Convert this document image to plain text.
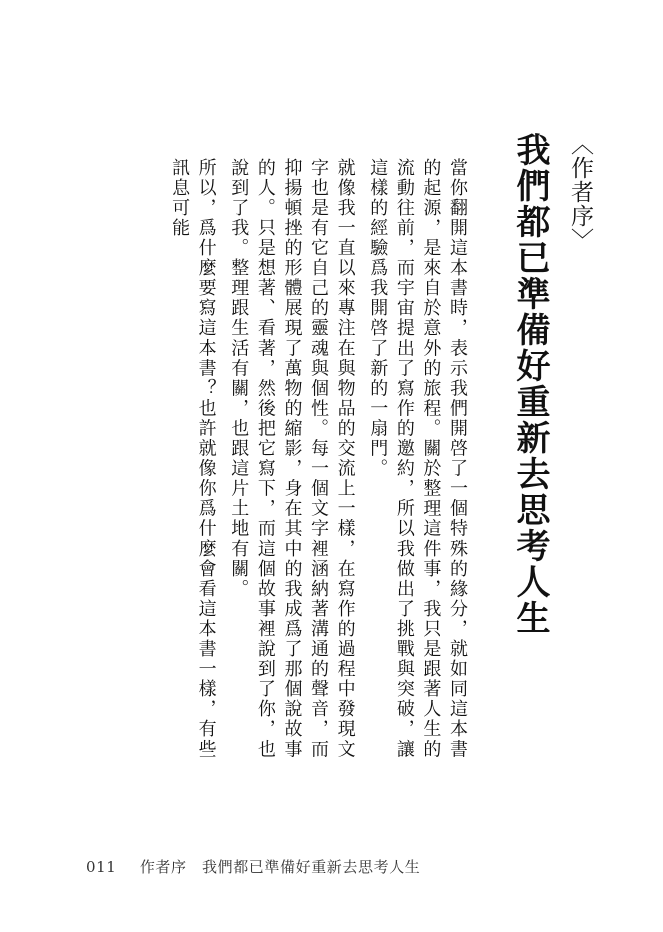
〈作者序〉
我們都已準備好重新去思考人生

當你翻開這本書時，表示我們開啓了一個特殊的緣分，就如同這本書的起源，是來自於意外的旅程。關於整理這件事，我只是跟著人生的流動往前，而宇宙提出了寫作的邀約，所以我做出了挑戰與突破，讓這樣的經驗爲我開啓了新的一扇門。

就像我一直以來專注在與物品的交流上一樣，在寫作的過程中發現文字也是有它自己的靈魂與個性。每一個文字裡涵納著溝通的聲音，而抑揚頓挫的形體展現了萬物的縮影，身在其中的我成爲了那個說故事的人。只是想著、看著，然後把它寫下，而這個故事裡說到了你，也說到了我。整理跟生活有關，也跟這片土地有關。

所以，爲什麼要寫這本書？也許就像你爲什麼會看這本書一樣，有些訊息可能

011 作者序 我們都已準備好重新去思考人生
